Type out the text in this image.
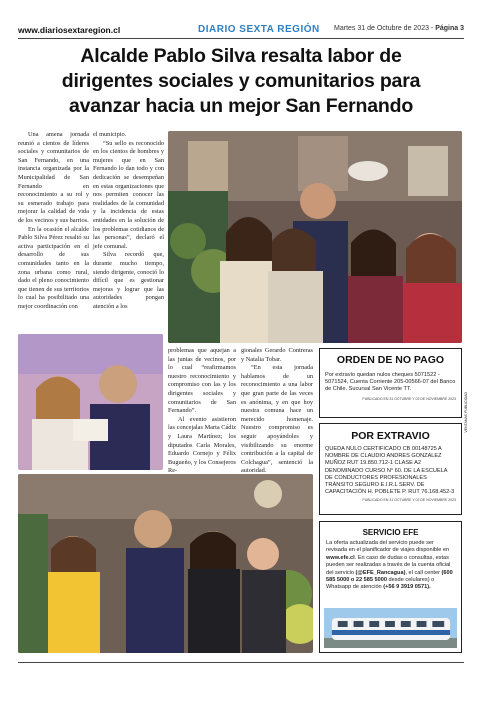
www.diariosextaregion.cl	DIARIO SEXTA REGIÓN Martes 31 de Octubre de 2023 - Página 3
Alcalde Pablo Silva resalta labor de
dirigentes sociales y comunitarios para
avanzar hacia un mejor San Fernando

Una amena jornada reunió a cientos de líderes sociales y comunitarios de San Fernando, en una instancia organizada por la Municipalidad de San Fernando en reconocimiento a su rol y su esmerado trabajo para mejorar la calidad de vida de los vecinos y sus barrios.

En la ocasión el alcalde Pablo Silva Pérez resaltó su activa participación en el desarrollo de sus comunidades tanto en la zona urbana como rural, dado el pleno conocimiento que tienen de sus territorios lo cual ha posibilitado una mejor coordinación con

el municipio.

“Su sello es reconocido en los cientos de hombres y mujeres que en San Fernando lo dan todo y con dedicación se desempeñan en estas organizaciones que nos permiten conocer las realidades de la comunidad y la incidencia de estas entidades en la solución de los problemas cotidianos de las personas”, declaró el jefe comunal.

Silva recordó que, durante mucho tiempo, siendo dirigente, conoció lo difícil que es gestionar mejoras y lograr que las autoridades pongan atención a los

problemas que aquejan a las juntas de vecinos, por lo cual “reafirmamos nuestro reconocimiento y compromiso con las y los dirigentes sociales y comunitarios de San Fernando”.

Al evento asistieron las concejalas Marta Cádiz y Laura Martínez; los diputados Carla Morales, Eduardo Cornejo y Félix Bugueño, y los Consejeros Re-

gionales Gerardo Contreras y Natalia Tobar.

“En esta jornada hablamos de un reconocimiento a una labor que gran parte de las veces es anónima, y en que hoy nuestra comuna hace un merecido homenaje. Nuestro compromiso es seguir apoyándoles y visibilizando su enorme contribución a la capital de Colchagua”, sentenció la autoridad.

ORDEN DE NO PAGO
Por extravío quedan nulos cheques 5071522 - 5071524, Cuenta Corriente 205-00566-07 del Banco de Chile. Sucursal San Vicente TT.
PUBLICADO EN 31 OCTUBRE Y 02 DE NOVIEMBRE 2023
POR EXTRAVIO
QUEDA NULO CERTIFICADO CB 00148725 A NOMBRE DE CLAUDIO ANDRES GONZALEZ MUÑOZ RUT 19.850.712-1 CLASE A2 DENOMINADO CURSO N° 60. DE LA ESCUELA DE CONDUCTORES PROFESIONALES TRÁNSITO SEGURO E.I.R.L SERV. DE CAPACITACIÓN H. POBLETE P. RUT 76.168.452-3
PUBLICADO EN 31 OCTUBRE Y 02 DE NOVIEMBRE 2023
VENTANAS PUBLICIDAD
SERVICIO EFE
La oferta actualizada del servicio puede ser revisada en el planificador de viajes disponible en www.efe.cl. En caso de dudas o consultas, estas pueden ser realizadas a través de la cuenta oficial del servicio (@EFE_Rancagua), el call center (600 585 5000 o 22 585 5000 desde celulares) o Whatsapp de atención (+56 9 3919 0571).
